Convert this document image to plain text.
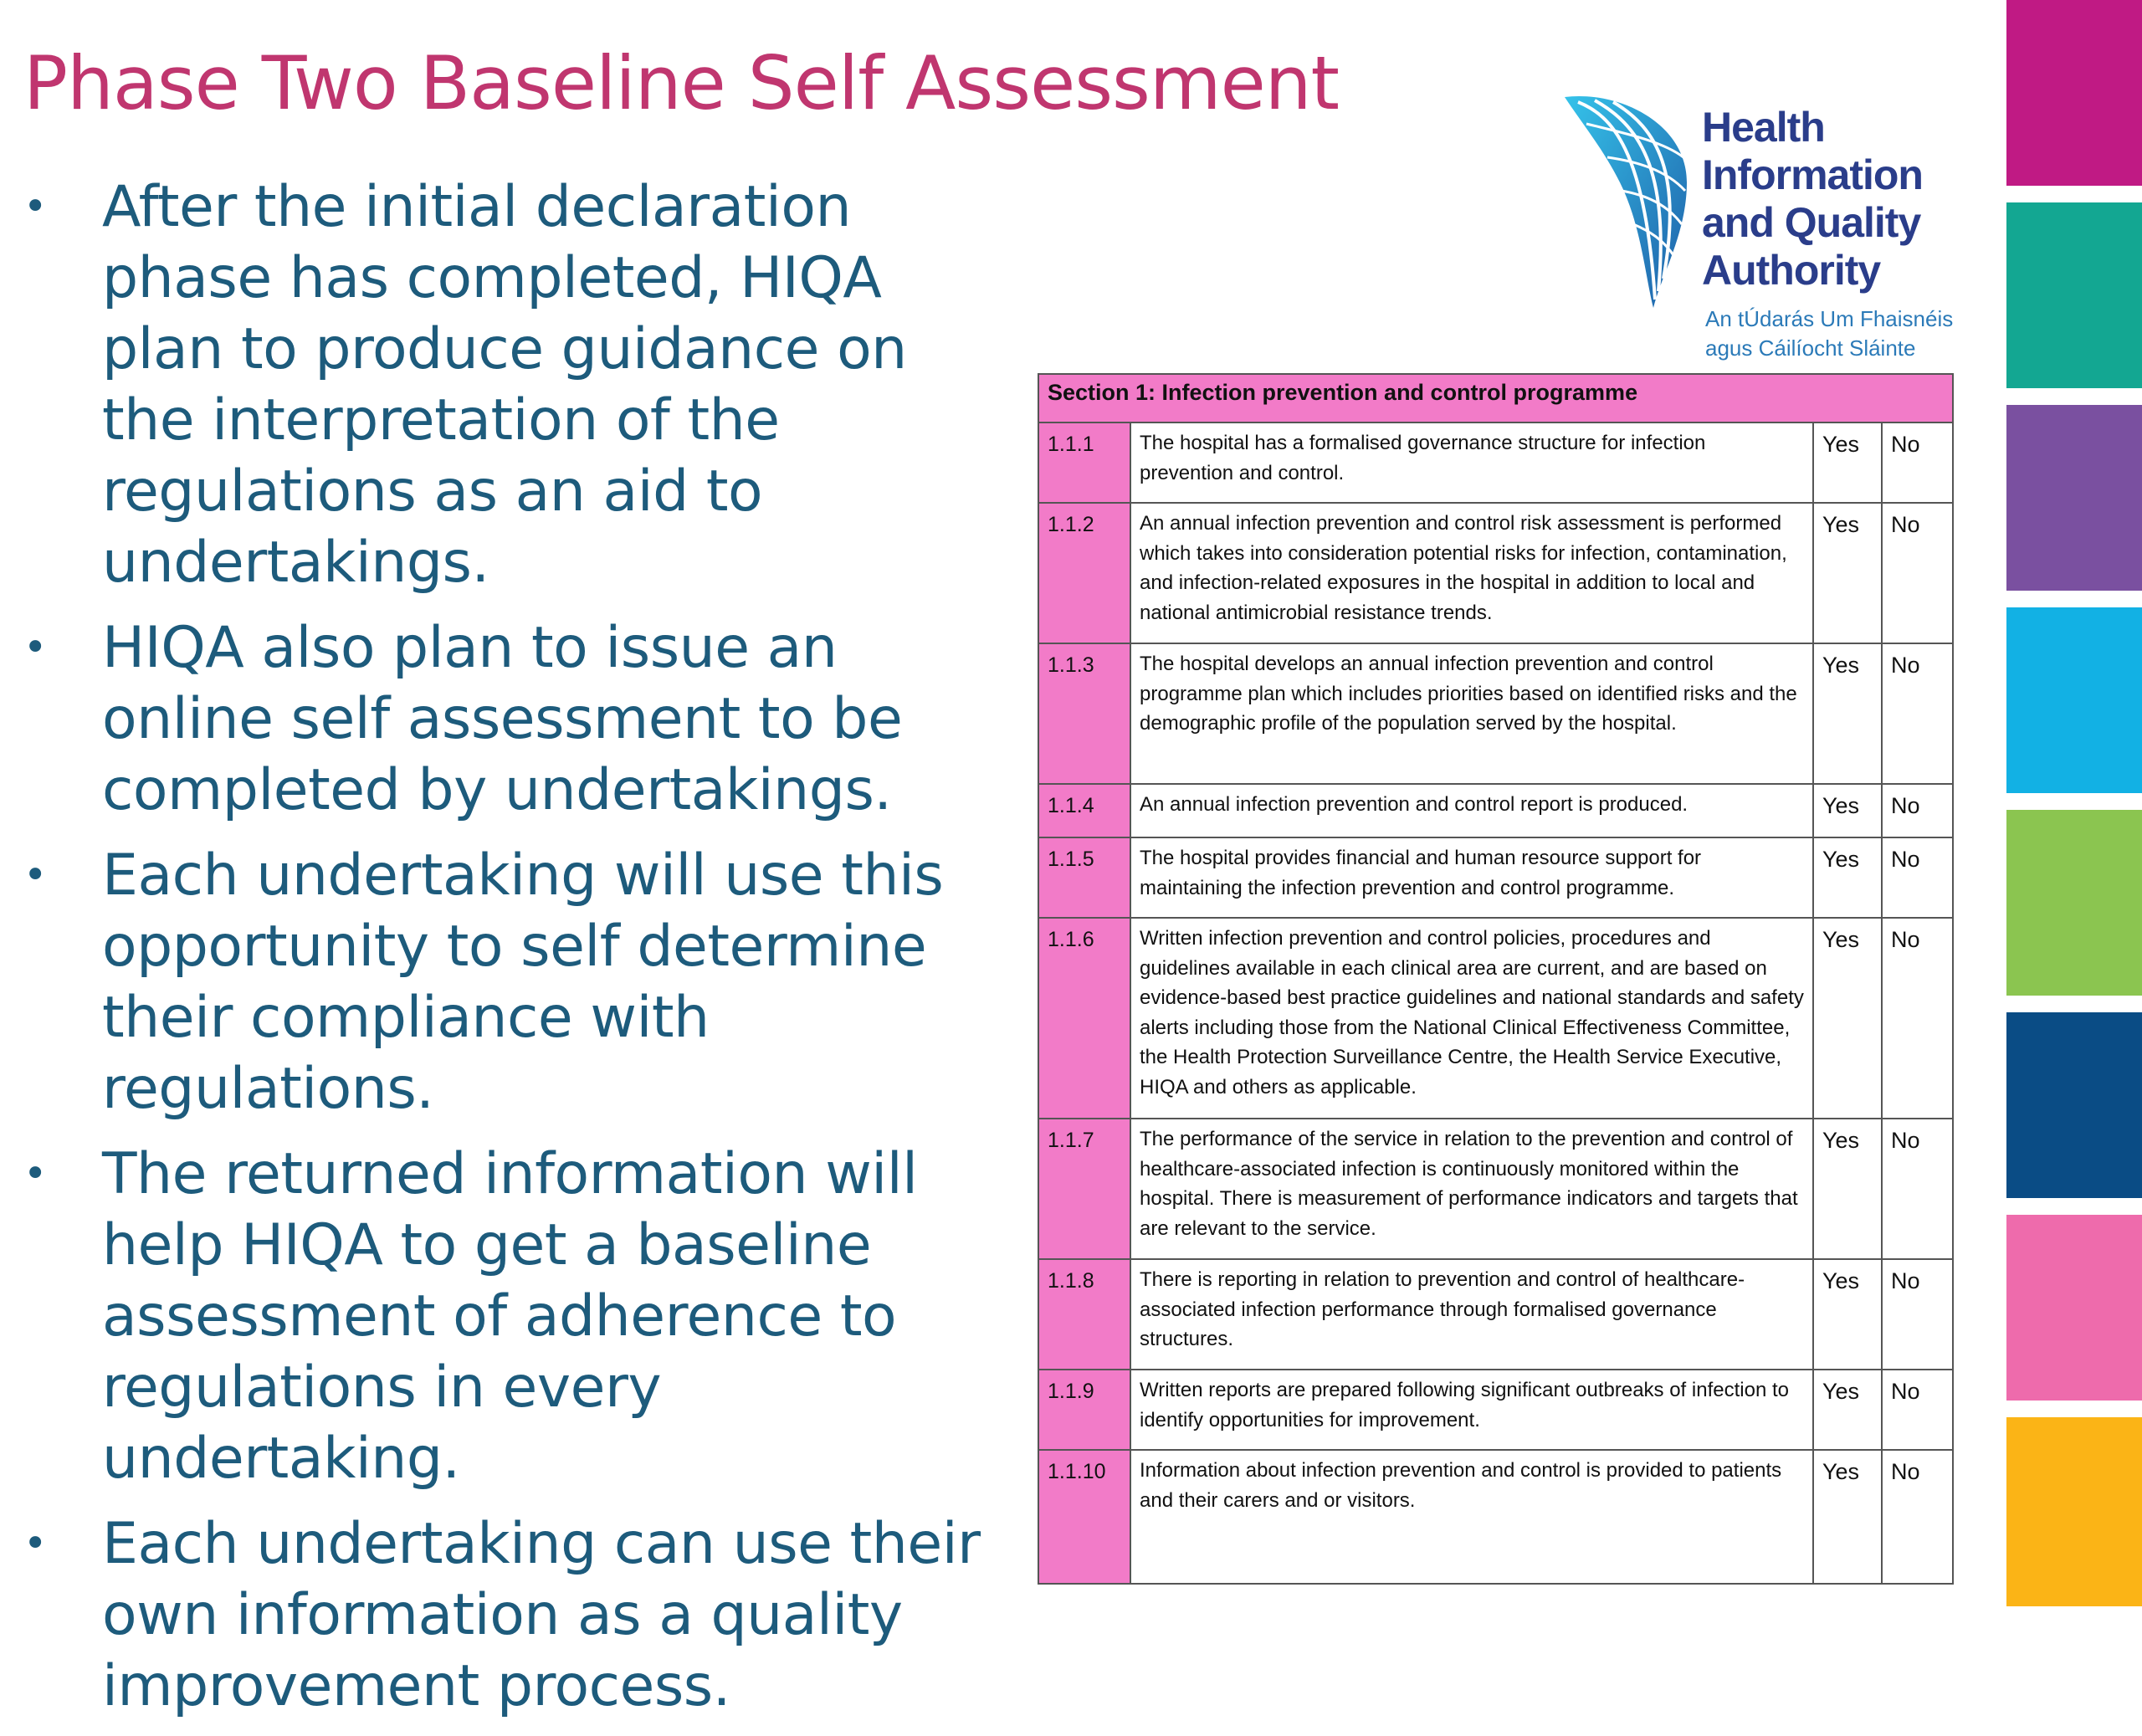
Phase Two Baseline Self Assessment
• After the initial declaration phase has completed, HIQA plan to produce guidance on the interpretation of the regulations as an aid to undertakings.
• HIQA also plan to issue an online self assessment to be completed by undertakings.
• Each undertaking will use this opportunity to self determine their compliance with regulations.
• The returned information will help HIQA to get a baseline assessment of adherence to regulations in every undertaking.
• Each undertaking can use their own information as a quality improvement process.

Health
Information
and Quality
Authority

An tÚdarás Um Fhaisnéis
agus Cáilíocht Sláinte

Section 1: Infection prevention and control programme			
1.1.1	The hospital has a formalised governance structure for infection prevention and control.	Yes	No
1.1.2	An annual infection prevention and control risk assessment is performed which takes into consideration potential risks for infection, contamination, and infection-related exposures in the hospital in addition to local and national antimicrobial resistance trends.	Yes	No
1.1.3	The hospital develops an annual infection prevention and control programme plan which includes priorities based on identified risks and the demographic profile of the population served by the hospital.	Yes	No
1.1.4	An annual infection prevention and control report is produced.	Yes	No
1.1.5	The hospital provides financial and human resource support for maintaining the infection prevention and control programme.	Yes	No
1.1.6	Written infection prevention and control policies, procedures and guidelines available in each clinical area are current, and are based on evidence-based best practice guidelines and national standards and safety alerts including those from the National Clinical Effectiveness Committee, the Health Protection Surveillance Centre, the Health Service Executive, HIQA and others as applicable.	Yes	No
1.1.7	The performance of the service in relation to the prevention and control of healthcare-associated infection is continuously monitored within the hospital. There is measurement of performance indicators and targets that are relevant to the service.	Yes	No
1.1.8	There is reporting in relation to prevention and control of healthcare-associated infection performance through formalised governance structures.	Yes	No
1.1.9	Written reports are prepared following significant outbreaks of infection to identify opportunities for improvement.	Yes	No
1.1.10	Information about infection prevention and control is provided to patients and their carers and or visitors.	Yes	No
